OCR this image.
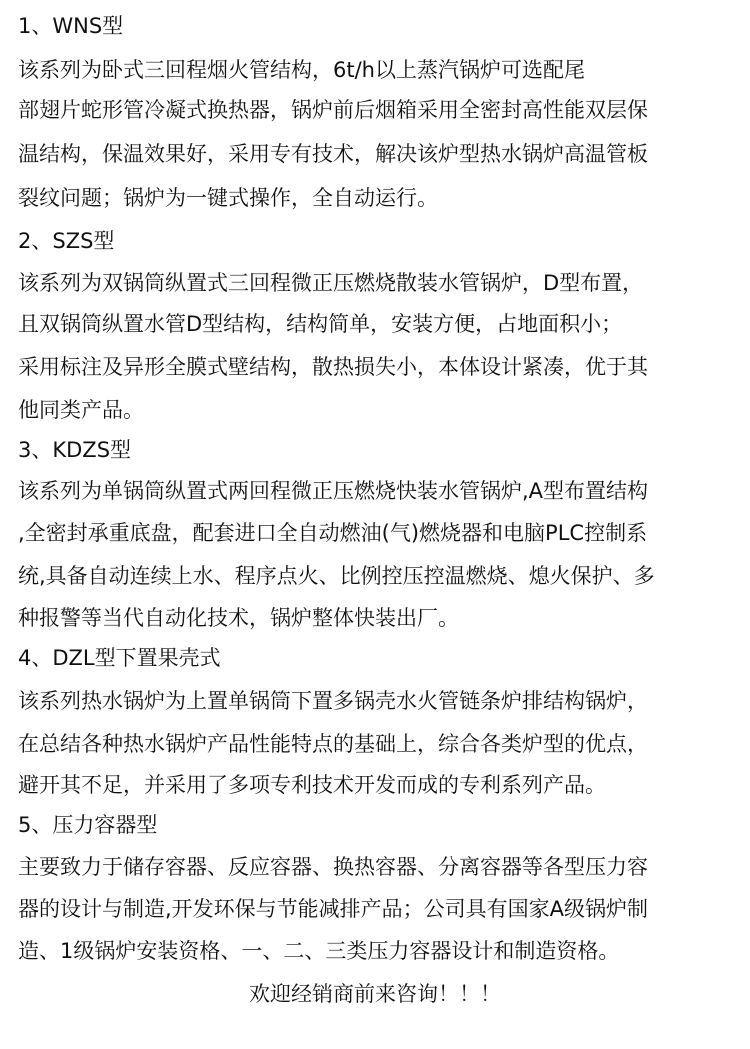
1、WNS型
该系列为卧式三回程烟火管结构，6t/h以上蒸汽锅炉可选配尾
部翅片蛇形管冷凝式换热器，锅炉前后烟箱采用全密封高性能双层保
温结构，保温效果好，采用专有技术，解决该炉型热水锅炉高温管板
裂纹问题；锅炉为一键式操作，全自动运行。
2、SZS型
该系列为双锅筒纵置式三回程微正压燃烧散装水管锅炉，D型布置，
且双锅筒纵置水管D型结构，结构简单，安装方便，占地面积小；
采用标注及异形全膜式壁结构，散热损失小，本体设计紧凑，优于其
他同类产品。
3、KDZS型
该系列为单锅筒纵置式两回程微正压燃烧快装水管锅炉,A型布置结构
,全密封承重底盘，配套进口全自动燃油(气)燃烧器和电脑PLC控制系
统,具备自动连续上水、程序点火、比例控压控温燃烧、熄火保护、多
种报警等当代自动化技术，锅炉整体快装出厂。
4、DZL型下置果壳式
该系列热水锅炉为上置单锅筒下置多锅壳水火管链条炉排结构锅炉，
在总结各种热水锅炉产品性能特点的基础上，综合各类炉型的优点，
避开其不足，并采用了多项专利技术开发而成的专利系列产品。
5、压力容器型
主要致力于储存容器、反应容器、换热容器、分离容器等各型压力容
器的设计与制造,开发环保与节能减排产品；公司具有国家A级锅炉制
造、1级锅炉安装资格、一、二、三类压力容器设计和制造资格。
欢迎经销商前来咨询！！！
